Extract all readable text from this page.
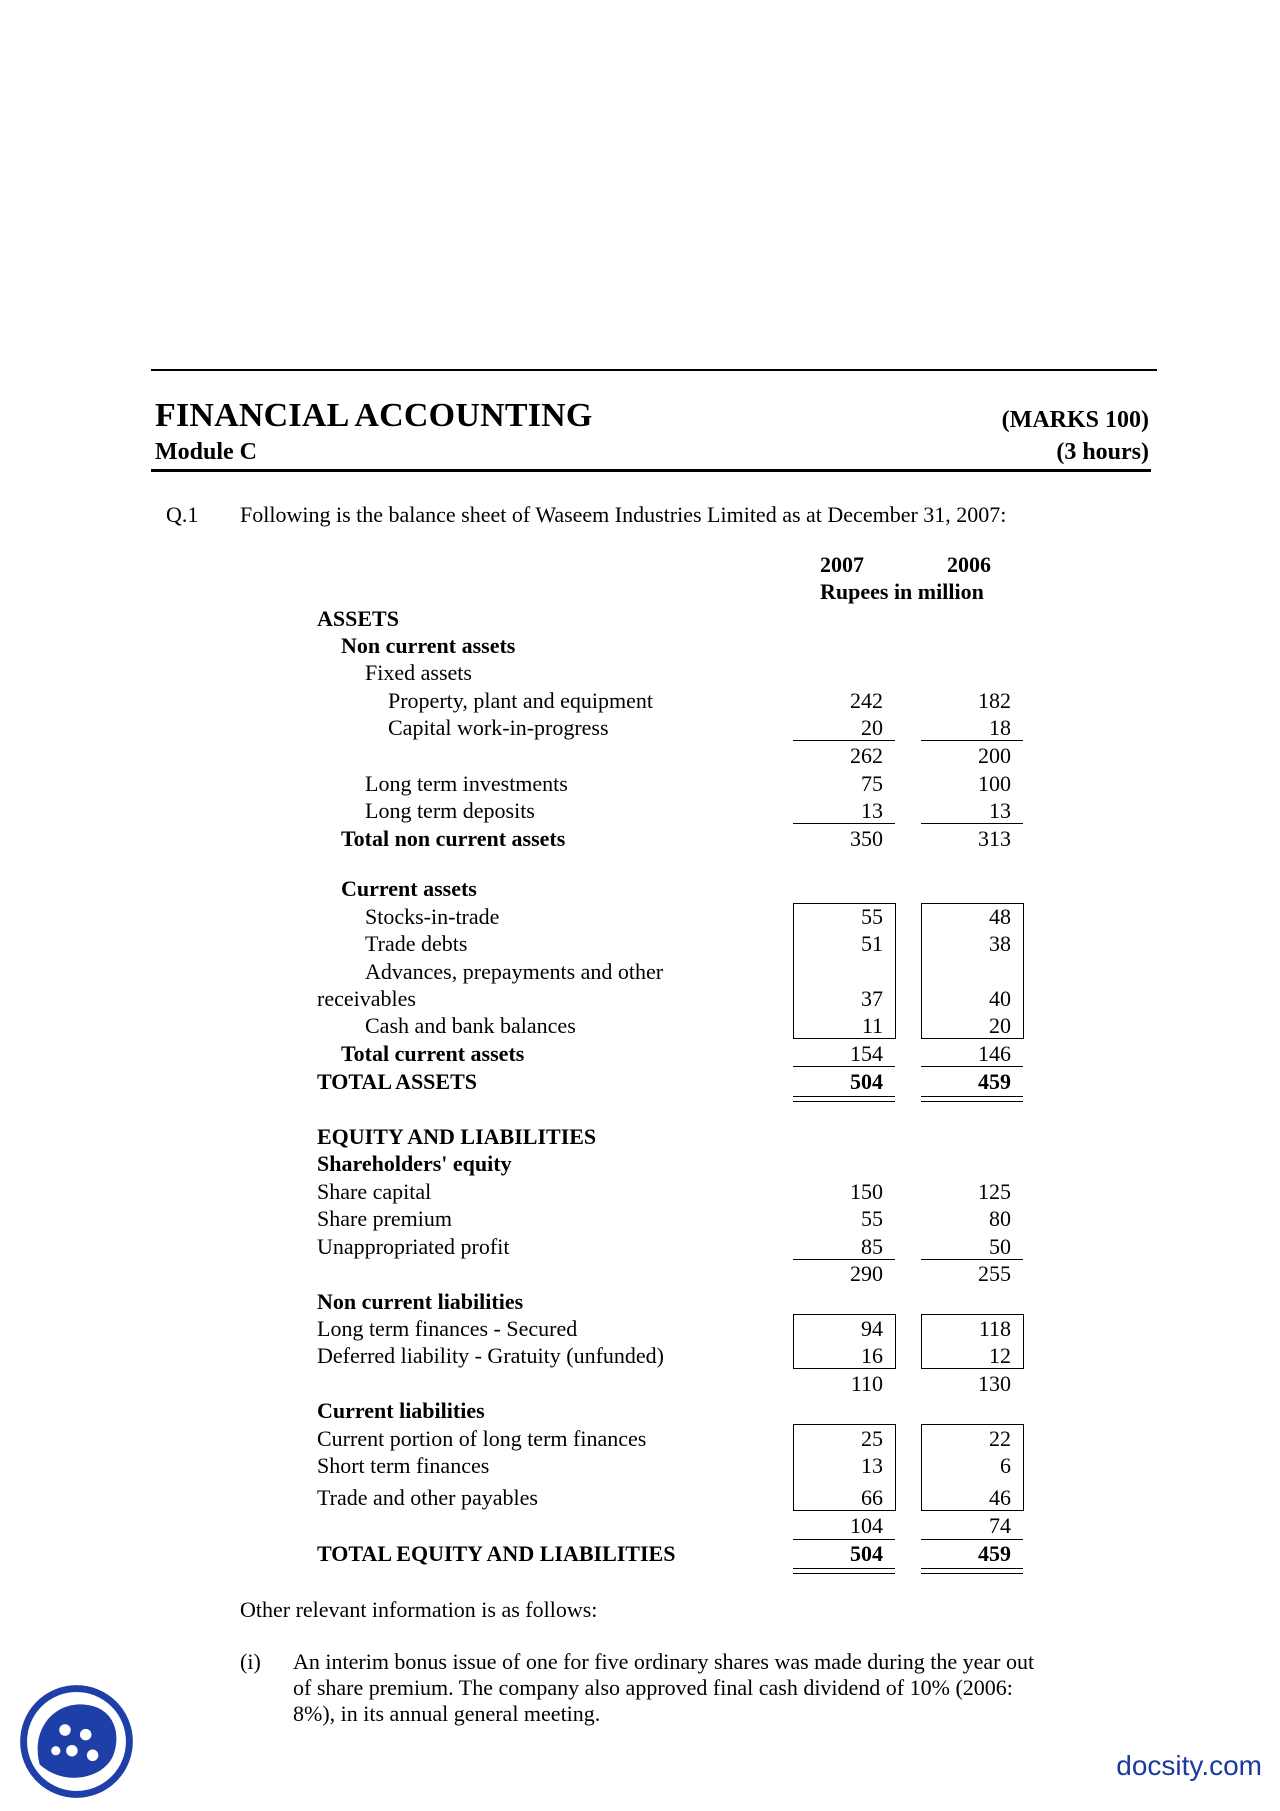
FINANCIAL ACCOUNTING	(MARKS 100)
Module C	(3 hours)
Q.1 Following is the balance sheet of Waseem Industries Limited as at December 31, 2007:
2007	2006
Rupees in million
ASSETS
Non current assets
Fixed assets
Property, plant and equipment	242	182
Capital work-in-progress	20	18
262	200
Long term investments	75	100
Long term deposits	13	13
Total non current assets	350	313
Current assets
Stocks-in-trade	55	48
Trade debts	51	38
Advances, prepayments and other
receivables	37	40
Cash and bank balances	11	20
Total current assets	154	146
TOTAL ASSETS	504	459
EQUITY AND LIABILITIES
Shareholders' equity
Share capital	150	125
Share premium	55	80
Unappropriated profit	85	50
290	255
Non current liabilities
Long term finances - Secured	94	118
Deferred liability - Gratuity (unfunded)	16	12
110	130
Current liabilities
Current portion of long term finances	25	22
Short term finances	13	6
Trade and other payables	66	46
104	74
TOTAL EQUITY AND LIABILITIES	504	459
Other relevant information is as follows:
(i) An interim bonus issue of one for five ordinary shares was made during the year out
of share premium. The company also approved final cash dividend of 10% (2006:
8%), in its annual general meeting.
docsity.com
